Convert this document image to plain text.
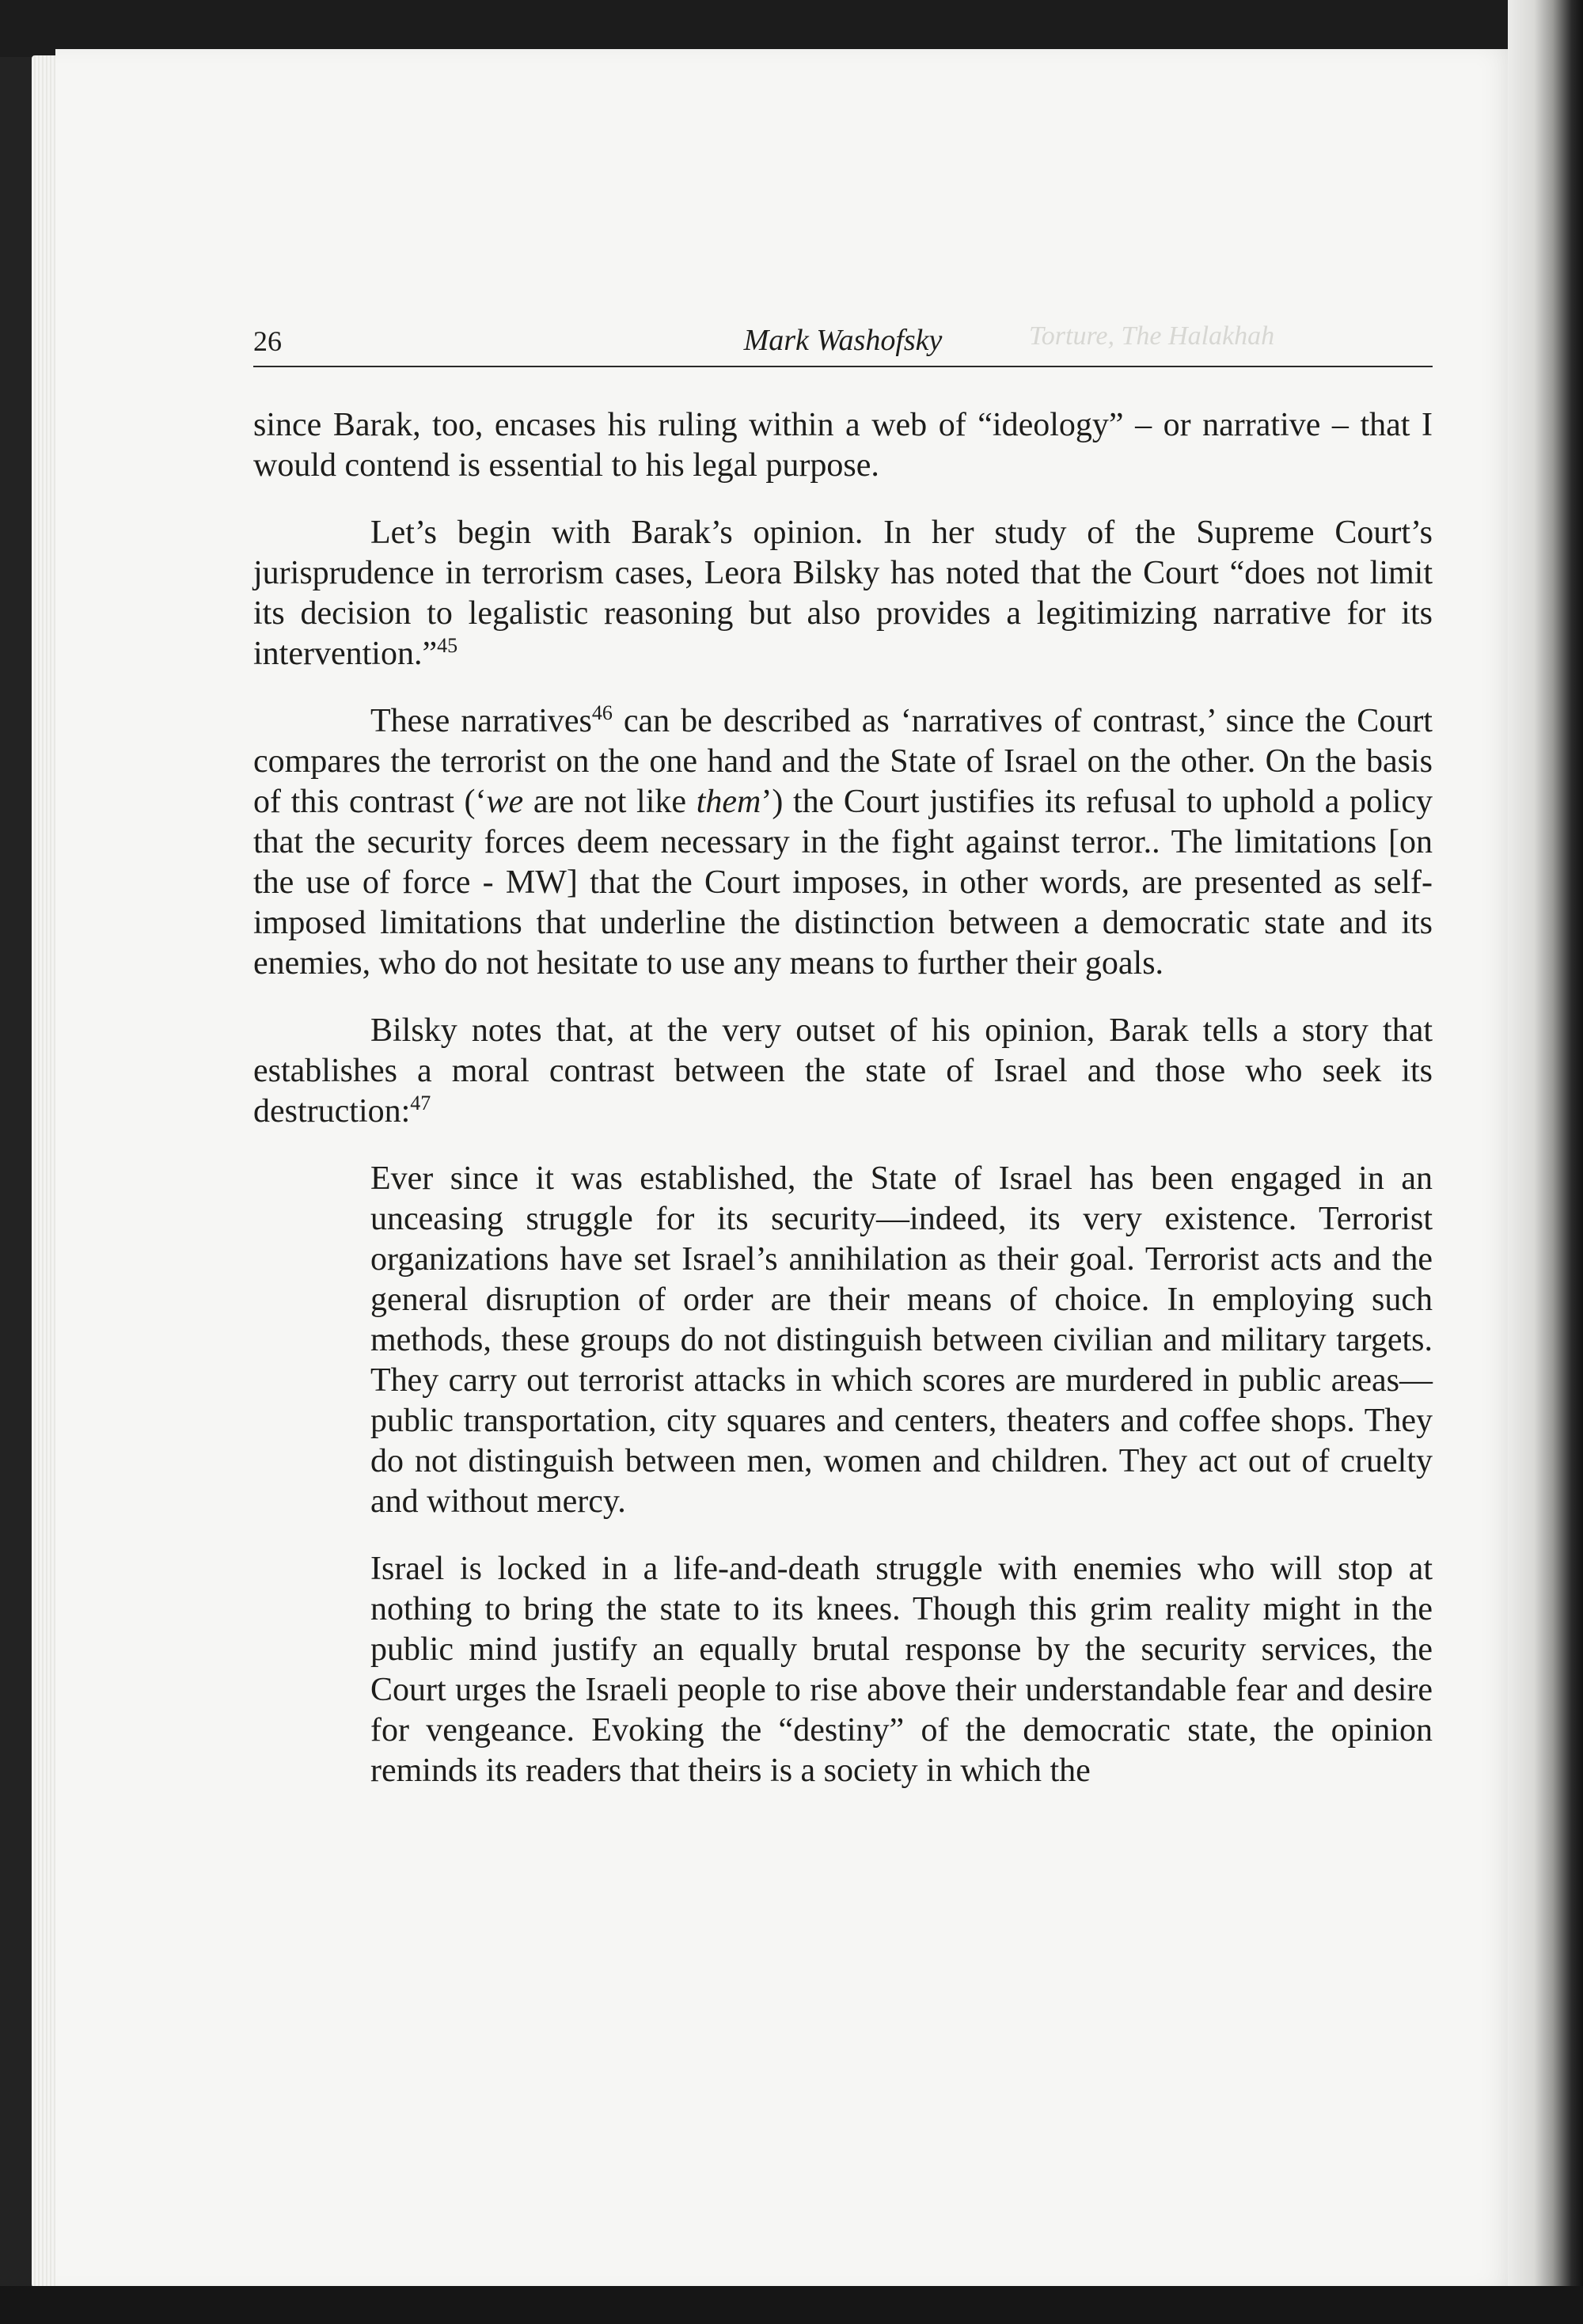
26	Torture, The Halakhah
Mark Washofsky

since Barak, too, encases his ruling within a web of “ideology” – or narrative – that I would contend is essential to his legal purpose.

Let’s begin with Barak’s opinion. In her study of the Supreme Court’s jurisprudence in terrorism cases, Leora Bilsky has noted that the Court “does not limit its decision to legalistic reasoning but also provides a legitimizing narrative for its intervention.”$^{45}$

These narratives$^{46}$ can be described as ‘narratives of contrast,’ since the Court compares the terrorist on the one hand and the State of Israel on the other. On the basis of this contrast (‘we are not like them’) the Court justifies its refusal to uphold a policy that the security forces deem necessary in the fight against terror.. The limitations [on the use of force - MW] that the Court imposes, in other words, are presented as self-imposed limitations that underline the distinction between a democratic state and its enemies, who do not hesitate to use any means to further their goals.

Bilsky notes that, at the very outset of his opinion, Barak tells a story that establishes a moral contrast between the state of Israel and those who seek its destruction:$^{47}$

Ever since it was established, the State of Israel has been engaged in an unceasing struggle for its security—indeed, its very existence. Terrorist organizations have set Israel’s annihilation as their goal. Terrorist acts and the general disruption of order are their means of choice. In employing such methods, these groups do not distinguish between civilian and military targets. They carry out terrorist attacks in which scores are murdered in public areas—public transportation, city squares and centers, theaters and coffee shops. They do not distinguish between men, women and children. They act out of cruelty and without mercy.

Israel is locked in a life-and-death struggle with enemies who will stop at nothing to bring the state to its knees. Though this grim reality might in the public mind justify an equally brutal response by the security services, the Court urges the Israeli people to rise above their understandable fear and desire for vengeance. Evoking the “destiny” of the democratic state, the opinion reminds its readers that theirs is a society in which the
